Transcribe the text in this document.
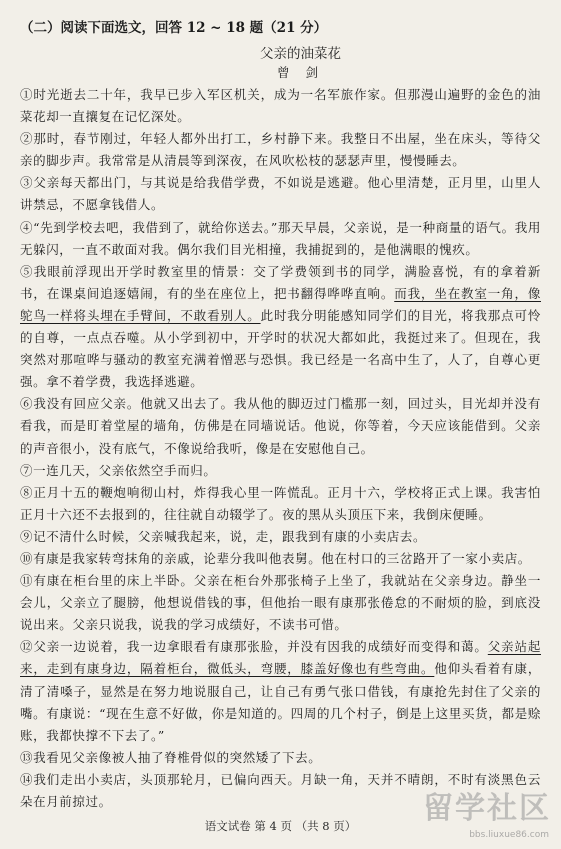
（二）阅读下面选文，回答 12 ~ 18 题（21 分）
父亲的油菜花
曾 剑

①时光逝去二十年，我早已步入军区机关，成为一名军旅作家。但那漫山遍野的金色的油菜花却一直攘复在记忆深处。

②那时，春节刚过，年轻人都外出打工，乡村静下来。我整日不出屋，坐在床头，等待父亲的脚步声。我常常是从清晨等到深夜，在风吹松枝的瑟瑟声里，慢慢睡去。

③父亲每天都出门，与其说是给我借学费，不如说是逃避。他心里清楚，正月里，山里人讲禁忌，不愿拿钱借人。

④“先到学校去吧，我借到了，就给你送去。”那天早晨，父亲说，是一种商量的语气。我用无躲闪，一直不敢面对我。偶尔我们目光相撞，我捕捉到的，是他满眼的愧疚。

⑤我眼前浮现出开学时教室里的情景：交了学费领到书的同学，满脸喜悦，有的拿着新书，在课桌间追逐嬉闹，有的坐在座位上，把书翻得哗哗直响。而我，坐在教室一角，像鸵鸟一样将头埋在手臂间，不敢看别人。此时我分明能感知同学们的目光，将我那点可怜的自尊，一点点吞噬。从小学到初中，开学时的状况大都如此，我挺过来了。但现在，我突然对那喧哗与骚动的教室充满着憎恶与恐惧。我已经是一名高中生了，人了，自尊心更强。拿不着学费，我选择逃避。

⑥我没有回应父亲。他就又出去了。我从他的脚迈过门槛那一刻，回过头，目光却并没有看我，而是盯着堂屋的墙角，仿佛是在同墙说话。他说，你等着，今天应该能借到。父亲的声音很小，没有底气，不像说给我听，像是在安慰他自己。

⑦一连几天，父亲依然空手而归。

⑧正月十五的鞭炮响彻山村，炸得我心里一阵慌乱。正月十六，学校将正式上课。我害怕正月十六还不去报到的，往往就自动辍学了。夜的黑从头顶压下来，我倒床便睡。

⑨记不清什么时候，父亲喊我起来，说，走，跟我到有康的小卖店去。

⑩有康是我家转弯抹角的亲戚，论辈分我叫他表舅。他在村口的三岔路开了一家小卖店。

⑪有康在柜台里的床上半卧。父亲在柜台外那张椅子上坐了，我就站在父亲身边。静坐一会儿，父亲立了腿膀，他想说借钱的事，但他抬一眼有康那张倦怠的不耐烦的脸，到底没说出来。父亲只说我，说我的学习成绩好，不读书可惜。

⑫父亲一边说着，我一边拿眼看有康那张脸，并没有因我的成绩好而变得和蔼。父亲站起来，走到有康身边，隔着柜台，微低头，弯腰，膝盖好像也有些弯曲。他仰头看着有康，清了清嗓子，显然是在努力地说服自己，让自己有勇气张口借钱，有康抢先封住了父亲的嘴。有康说：“现在生意不好做，你是知道的。四周的几个村子，倒是上这里买货，都是赊账，我都快撑不下去了。”

⑬我看见父亲像被人抽了脊椎骨似的突然矮了下去。

⑭我们走出小卖店，头顶那轮月，已偏向西天。月缺一角，天并不晴朗，不时有淡黑色云朵在月前掠过。

语文试卷 第 4 页 （共 8 页）	留学社区
bbs.liuxue86.com
